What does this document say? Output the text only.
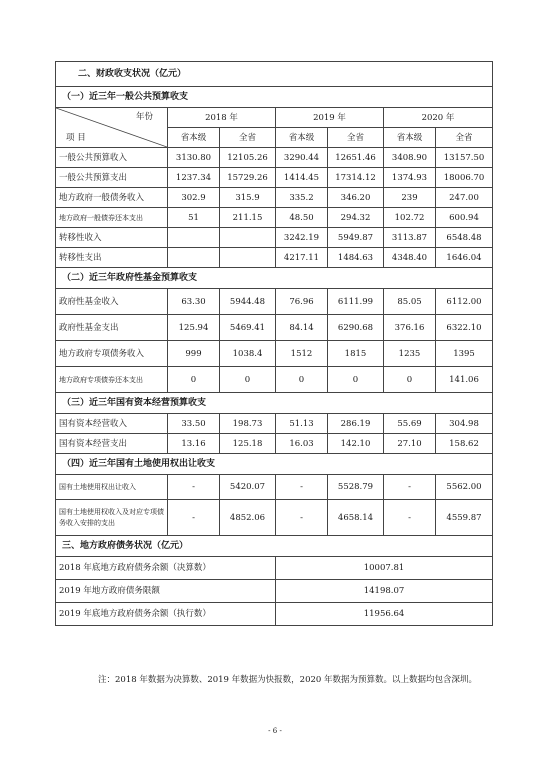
二、财政收支状况（亿元）						
（一）近三年一般公共预算收支						

年份
项 目	2018 年		2019 年		2020 年	
	省本级	全省	省本级	全省	省本级	全省
一般公共预算收入	3130.80	12105.26	3290.44	12651.46	3408.90	13157.50
一般公共预算支出	1237.34	15729.26	1414.45	17314.12	1374.93	18006.70
地方政府一般债务收入	302.9	315.9	335.2	346.20	239	247.00
地方政府一般债券还本支出	51	211.15	48.50	294.32	102.72	600.94
转移性收入			3242.19	5949.87	3113.87	6548.48
转移性支出			4217.11	1484.63	4348.40	1646.04
（二）近三年政府性基金预算收支						
政府性基金收入	63.30	5944.48	76.96	6111.99	85.05	6112.00
政府性基金支出	125.94	5469.41	84.14	6290.68	376.16	6322.10
地方政府专项债务收入	999	1038.4	1512	1815	1235	1395
地方政府专项债券还本支出	0	0	0	0	0	141.06
（三）近三年国有资本经营预算收支						
国有资本经营收入	33.50	198.73	51.13	286.19	55.69	304.98
国有资本经营支出	13.16	125.18	16.03	142.10	27.10	158.62
（四）近三年国有土地使用权出让收支						
国有土地使用权出让收入	-	5420.07	-	5528.79	-	5562.00
国有土地使用权收入及对应专项债务收入安排的支出	-	4852.06	-	4658.14	-	4559.87
三、地方政府债务状况（亿元）						
2018 年底地方政府债务余额（决算数）			10007.81			
2019 年地方政府债务限额			14198.07			
2019 年底地方政府债务余额（执行数）			11956.64			
注：2018 年数据为决算数、2019 年数据为快报数，2020 年数据为预算数。以上数据均包含深圳。
- 6 -
